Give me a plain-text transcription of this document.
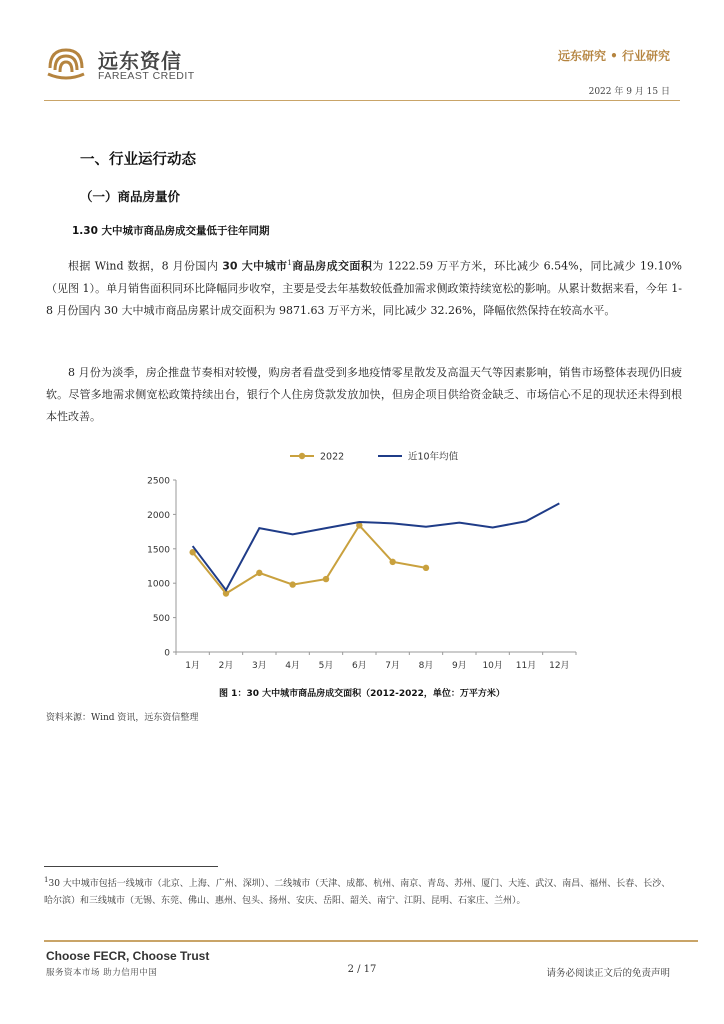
远东资信
FAREAST CREDIT
远东研究 • 行业研究
2022 年 9 月 15 日
一、行业运行动态
（一）商品房量价
1.30 大中城市商品房成交量低于往年同期
根据 Wind 数据，8 月份国内 30 大中城市$^1$商品房成交面积为 1222.59 万平方米，环比减少 6.54%，同比减少 19.10%（见图 1）。单月销售面积同环比降幅同步收窄，主要是受去年基数较低叠加需求侧政策持续宽松的影响。从累计数据来看，今年 1-8 月份国内 30 大中城市商品房累计成交面积为 9871.63 万平方米，同比减少 32.26%，降幅依然保持在较高水平。
8 月份为淡季，房企推盘节奏相对较慢，购房者看盘受到多地疫情零星散发及高温天气等因素影响，销售市场整体表现仍旧疲软。尽管多地需求侧宽松政策持续出台，银行个人住房贷款发放加快，但房企项目供给资金缺乏、市场信心不足的现状还未得到根本性改善。
0
500
1000
1500
2000
2500
1月 2月 3月 4月 5月 6月 7月 8月 9月 10月 11月 12月
2022	近10年均值
图 1：30 大中城市商品房成交面积（2012-2022，单位：万平方米）
资料来源：Wind 资讯，远东资信整理
$^1$30 大中城市包括一线城市（北京、上海、广州、深圳）、二线城市（天津、成都、杭州、南京、青岛、苏州、厦门、大连、武汉、南昌、福州、长春、长沙、哈尔滨）和三线城市（无锡、东莞、佛山、惠州、包头、扬州、安庆、岳阳、韶关、南宁、江阴、昆明、石家庄、兰州）。
Choose FECR, Choose Trust
服务资本市场 助力信用中国	2 / 17	请务必阅读正文后的免责声明
